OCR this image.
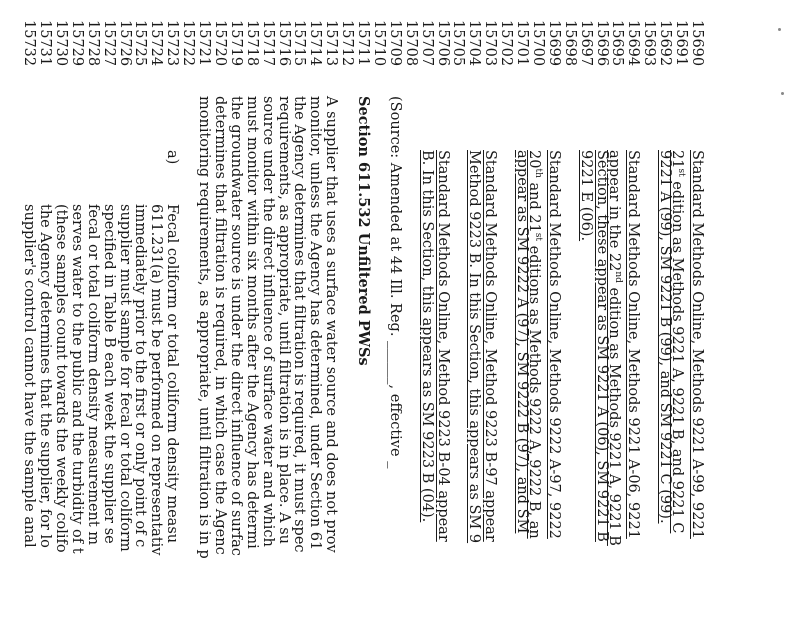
15690
Standard Methods Online, Methods 9221 A-99, 9221
15691
21st edition as Methods 9221 A, 9221 B, and 9221 C
15692
9221 A (99), SM 9221 B (99), and SM 9221 C (99).
15693
15694
Standard Methods Online, Methods 9221 A-06, 9221
15695
appear in the 22nd edition as Methods 9221 A, 9221 B
15696
Section, these appear as SM 9221 A (06), SM 9221 B
15697
9221 E (06).
15698
15699
Standard Methods Online, Methods 9222 A-97, 9222
15700
20th and 21st editions as Methods 9222 A, 9222 B, an
15701
appear as SM 9222 A (97), SM 9222 B (97), and SM
15702
15703
Standard Methods Online, Method 9223 B-97 appear
15704
Method 9223 B. In this Section, this appears as SM 9
15705
15706
Standard Methods Online, Method 9223 B-04 appear
15707
B. In this Section, this appears as SM 9223 B (04).
15708
15709
(Source: Amended at 44 Ill. Reg. ______, effective _
15710
15711
Section 611.532 Unfiltered PWSs
15712
15713
A supplier that uses a surface water source and does not prov
15714
monitor, unless the Agency has determined, under Section 61
15715
the Agency determines that filtration is required, it must spec
15716
requirements, as appropriate, until filtration is in place. A su
15717
source under the direct influence of surface water and which
15718
must monitor within six months after the Agency has determi
15719
the groundwater source is under the direct influence of surfac
15720
determines that filtration is required, in which case the Agenc
15721
monitoring requirements, as appropriate, until filtration is in p
15722
15723
a)
Fecal coliform or total coliform density measu
15724
611.231(a) must be performed on representativ
15725
immediately prior to the first or only point of c
15726
supplier must sample for fecal or total coliform
15727
specified in Table B each week the supplier se
15728
fecal or total coliform density measurement m
15729
serves water to the public and the turbidity of t
15730
(these samples count towards the weekly colifo
15731
the Agency determines that the supplier, for lo
15732
supplier's control cannot have the sample anal
